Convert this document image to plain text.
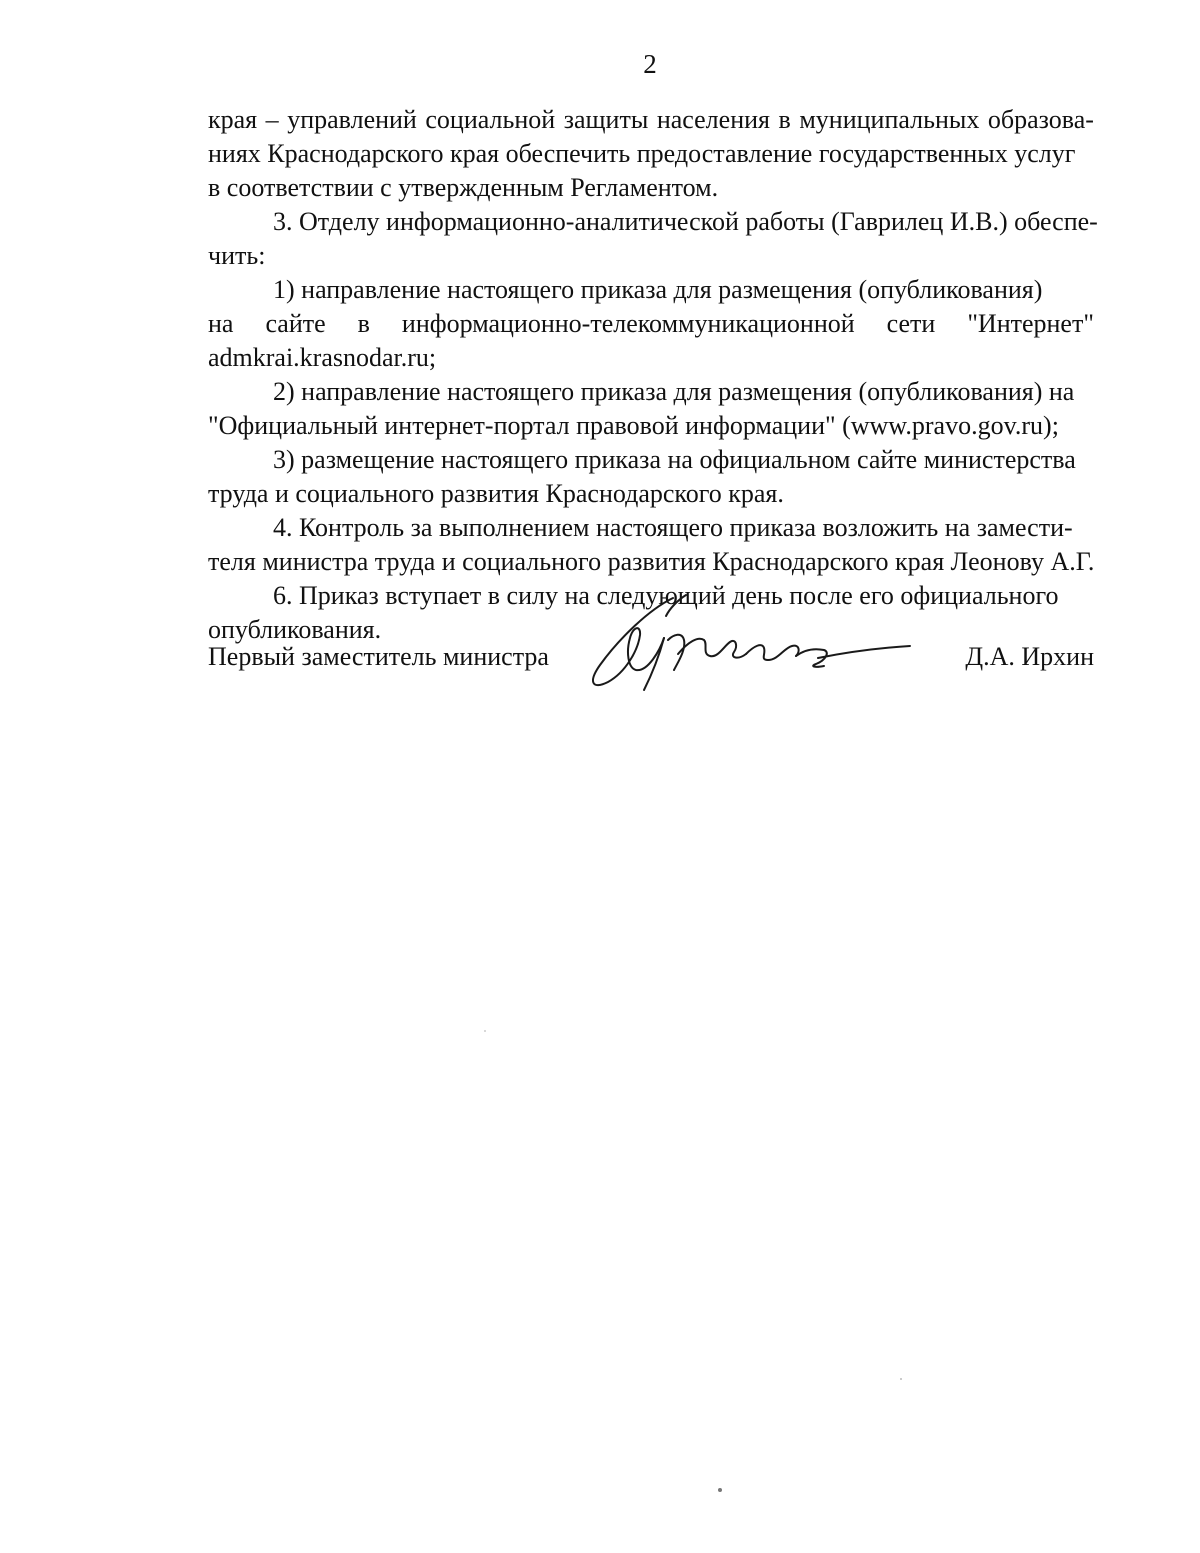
2
края – управлений социальной защиты населения в муниципальных образова-
ниях Краснодарского края обеспечить предоставление государственных услуг
в соответствии с утвержденным Регламентом.
3. Отделу информационно-аналитической работы (Гаврилец И.В.) обеспе-
чить:
1) направление настоящего приказа для размещения (опубликования)
на сайте в информационно-телекоммуникационной сети "Интернет"
admkrai.krasnodar.ru;
2) направление настоящего приказа для размещения (опубликования) на
"Официальный интернет-портал правовой информации" (www.pravo.gov.ru);
3) размещение настоящего приказа на официальном сайте министерства
труда и социального развития Краснодарского края.
4. Контроль за выполнением настоящего приказа возложить на замести-
теля министра труда и социального развития Краснодарского края Леонову А.Г.
6. Приказ вступает в силу на следующий день после его официального
опубликования.
Первый заместитель министра	Д.А. Ирхин
